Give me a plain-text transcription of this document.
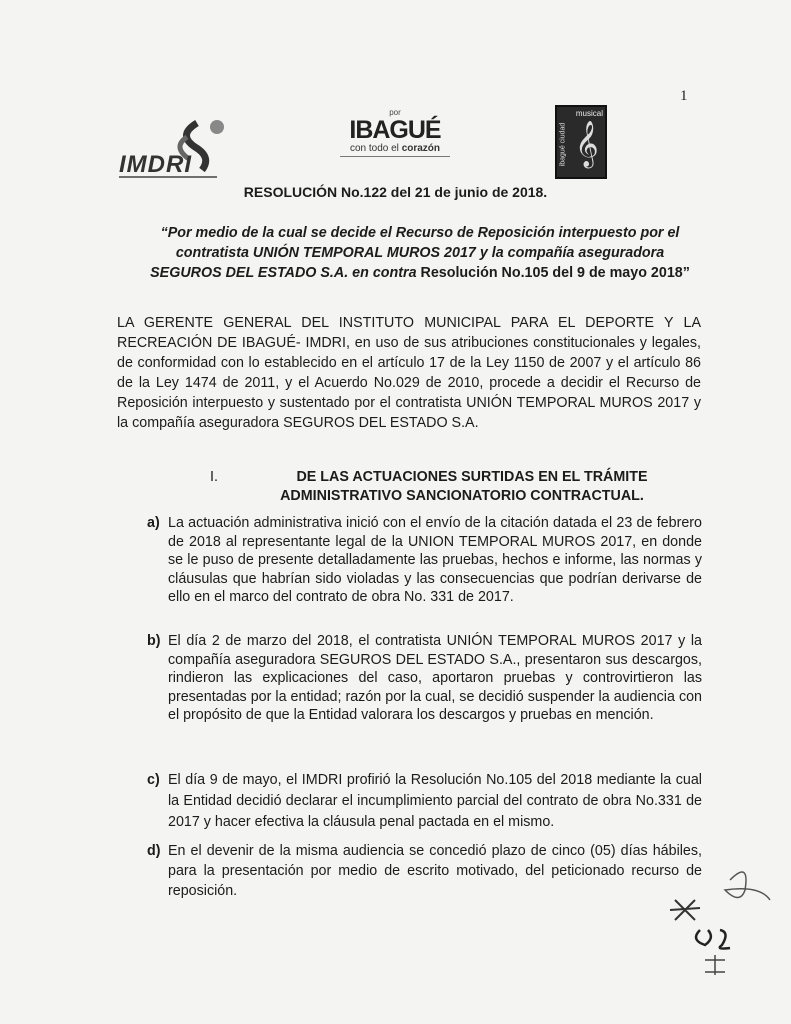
1
IMDRI
por
IBAGUÉ
con todo el corazón
musical
ibagué ciudad 𝄞
RESOLUCIÓN No.122 del 21 de junio de 2018.
“Por medio de la cual se decide el Recurso de Reposición interpuesto por el contratista UNIÓN TEMPORAL MUROS 2017 y la compañía aseguradora SEGUROS DEL ESTADO S.A. en contra Resolución No.105 del 9 de mayo 2018”
LA GERENTE GENERAL DEL INSTITUTO MUNICIPAL PARA EL DEPORTE Y LA RECREACIÓN DE IBAGUÉ- IMDRI, en uso de sus atribuciones constitucionales y legales, de conformidad con lo establecido en el artículo 17 de la Ley 1150 de 2007 y el artículo 86 de la Ley 1474 de 2011, y el Acuerdo No.029 de 2010, procede a decidir el Recurso de Reposición interpuesto y sustentado por el contratista UNIÓN TEMPORAL MUROS 2017 y la compañía aseguradora SEGUROS DEL ESTADO S.A.
I.	DE LAS ACTUACIONES SURTIDAS EN EL TRÁMITE
ADMINISTRATIVO SANCIONATORIO CONTRACTUAL.
a) La actuación administrativa inició con el envío de la citación datada el 23 de febrero de 2018 al representante legal de la UNION TEMPORAL MUROS 2017, en donde se le puso de presente detalladamente las pruebas, hechos e informe, las normas y cláusulas que habrían sido violadas y las consecuencias que podrían derivarse de ello en el marco del contrato de obra No. 331 de 2017.
b) El día 2 de marzo del 2018, el contratista UNIÓN TEMPORAL MUROS 2017 y la compañía aseguradora SEGUROS DEL ESTADO S.A., presentaron sus descargos, rindieron las explicaciones del caso, aportaron pruebas y controvirtieron las presentadas por la entidad; razón por la cual, se decidió suspender la audiencia con el propósito de que la Entidad valorara los descargos y pruebas en mención.
c) El día 9 de mayo, el IMDRI profirió la Resolución No.105 del 2018 mediante la cual la Entidad decidió declarar el incumplimiento parcial del contrato de obra No.331 de 2017 y hacer efectiva la cláusula penal pactada en el mismo.
d) En el devenir de la misma audiencia se concedió plazo de cinco (05) días hábiles, para la presentación por medio de escrito motivado, del peticionado recurso de reposición.
